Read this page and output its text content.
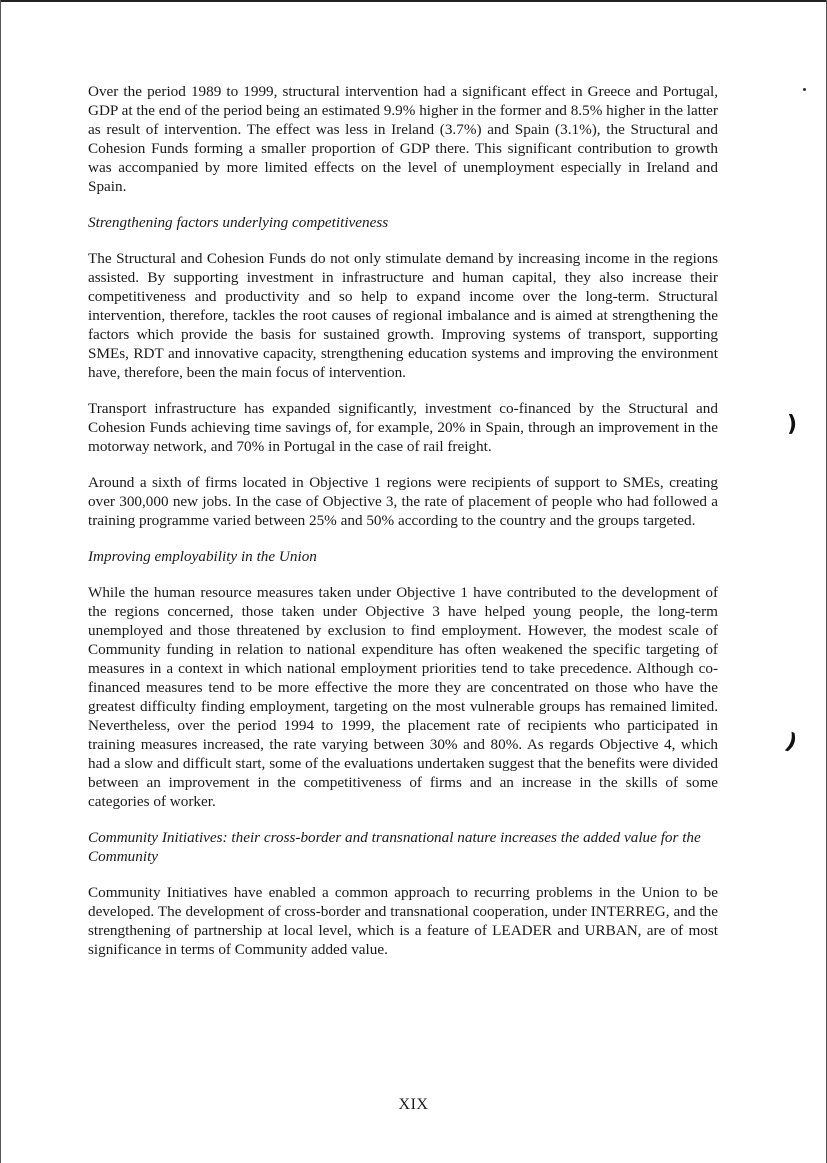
)
)

Over the period 1989 to 1999, structural intervention had a significant effect in Greece and Portugal, GDP at the end of the period being an estimated 9.9% higher in the former and 8.5% higher in the latter as result of intervention. The effect was less in Ireland (3.7%) and Spain (3.1%), the Structural and Cohesion Funds forming a smaller proportion of GDP there. This significant contribution to growth was accompanied by more limited effects on the level of unemployment especially in Ireland and Spain.

Strengthening factors underlying competitiveness

The Structural and Cohesion Funds do not only stimulate demand by increasing income in the regions assisted. By supporting investment in infrastructure and human capital, they also increase their competitiveness and productivity and so help to expand income over the long-term. Structural intervention, therefore, tackles the root causes of regional imbalance and is aimed at strengthening the factors which provide the basis for sustained growth. Improving systems of transport, supporting SMEs, RDT and innovative capacity, strengthening education systems and improving the environment have, therefore, been the main focus of intervention.

Transport infrastructure has expanded significantly, investment co-financed by the Structural and Cohesion Funds achieving time savings of, for example, 20% in Spain, through an improvement in the motorway network, and 70% in Portugal in the case of rail freight.

Around a sixth of firms located in Objective 1 regions were recipients of support to SMEs, creating over 300,000 new jobs. In the case of Objective 3, the rate of placement of people who had followed a training programme varied between 25% and 50% according to the country and the groups targeted.

Improving employability in the Union

While the human resource measures taken under Objective 1 have contributed to the development of the regions concerned, those taken under Objective 3 have helped young people, the long-term unemployed and those threatened by exclusion to find employment. However, the modest scale of Community funding in relation to national expenditure has often weakened the specific targeting of measures in a context in which national employment priorities tend to take precedence. Although co-financed measures tend to be more effective the more they are concentrated on those who have the greatest difficulty finding employment, targeting on the most vulnerable groups has remained limited. Nevertheless, over the period 1994 to 1999, the placement rate of recipients who participated in training measures increased, the rate varying between 30% and 80%. As regards Objective 4, which had a slow and difficult start, some of the evaluations undertaken suggest that the benefits were divided between an improvement in the competitiveness of firms and an increase in the skills of some categories of worker.

Community Initiatives: their cross-border and transnational nature increases the added value for the Community

Community Initiatives have enabled a common approach to recurring problems in the Union to be developed. The development of cross-border and transnational cooperation, under INTERREG, and the strengthening of partnership at local level, which is a feature of LEADER and URBAN, are of most significance in terms of Community added value.

XIX
